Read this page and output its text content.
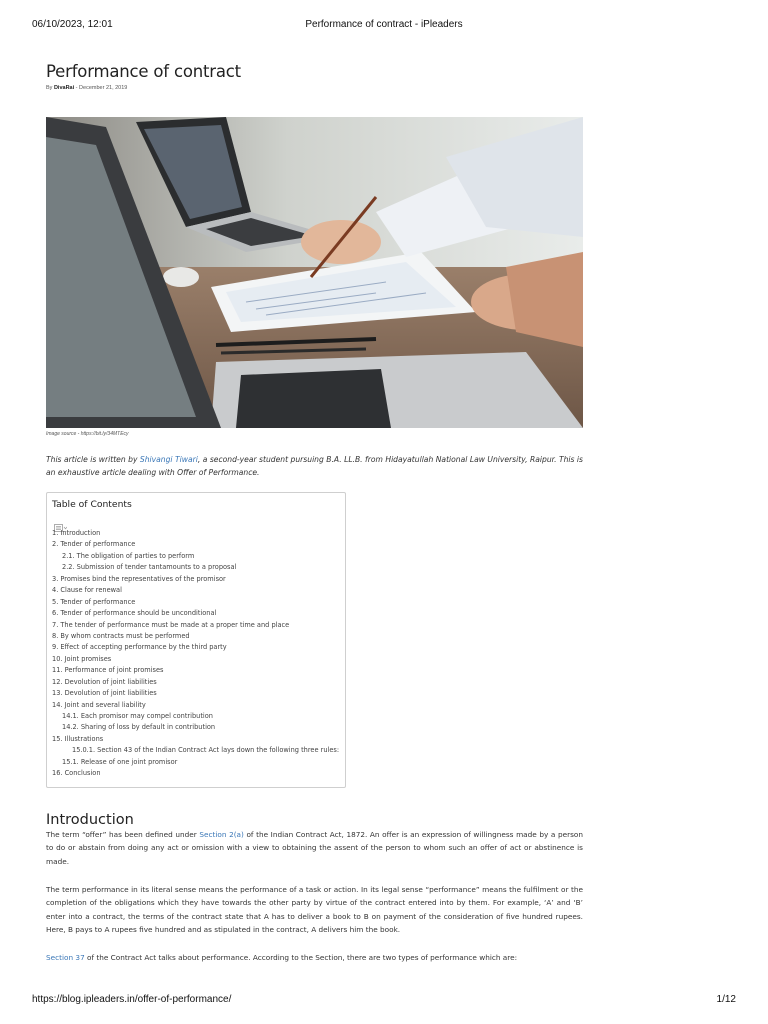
06/10/2023, 12:01	Performance of contract - iPleaders
Performance of contract
By DivaRai - December 21, 2019
Image source - https://bit.ly/34MTEcy
This article is written by Shivangi Tiwari, a second-year student pursuing B.A. LL.B. from Hidayatullah National Law University, Raipur. This is an exhaustive article dealing with Offer of Performance.
Table of Contents
1. Introduction
2. Tender of performance
2.1. The obligation of parties to perform
2.2. Submission of tender tantamounts to a proposal
3. Promises bind the representatives of the promisor
4. Clause for renewal
5. Tender of performance
6. Tender of performance should be unconditional
7. The tender of performance must be made at a proper time and place
8. By whom contracts must be performed
9. Effect of accepting performance by the third party
10. Joint promises
11. Performance of joint promises
12. Devolution of joint liabilities
13. Devolution of joint liabilities
14. Joint and several liability
14.1. Each promisor may compel contribution
14.2. Sharing of loss by default in contribution
15. Illustrations
15.0.1. Section 43 of the Indian Contract Act lays down the following three rules:
15.1. Release of one joint promisor
16. Conclusion
Introduction
The term “offer” has been defined under Section 2(a) of the Indian Contract Act, 1872. An offer is an expression of willingness made by a person to do or abstain from doing any act or omission with a view to obtaining the assent of the person to whom such an offer of act or abstinence is made.
The term performance in its literal sense means the performance of a task or action. In its legal sense “performance” means the fulfilment or the completion of the obligations which they have towards the other party by virtue of the contract entered into by them. For example, ‘A’ and ‘B’ enter into a contract, the terms of the contract state that A has to deliver a book to B on payment of the consideration of five hundred rupees. Here, B pays to A rupees five hundred and as stipulated in the contract, A delivers him the book.
Section 37 of the Contract Act talks about performance. According to the Section, there are two types of performance which are:
https://blog.ipleaders.in/offer-of-performance/	1/12
